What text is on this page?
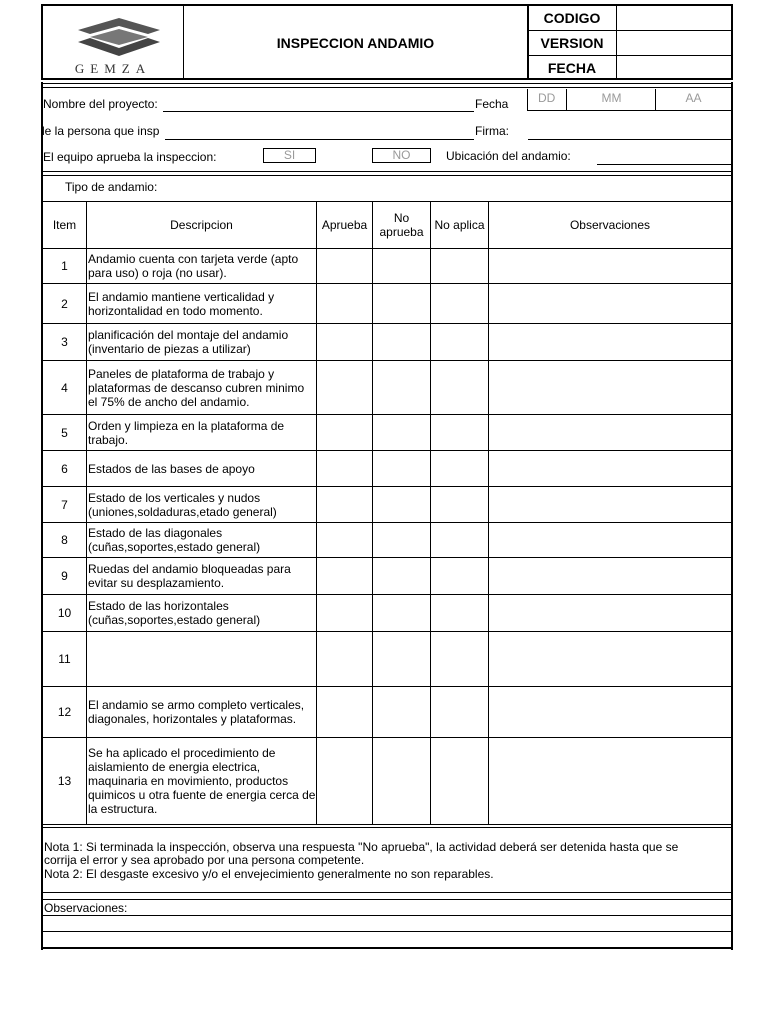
GEMZA
INSPECCION ANDAMIO
CODIGO
VERSION
FECHA
Nombre del proyecto:	Fecha	DD	MM	AA
le la persona que insp	Firma:
El equipo aprueba la inspeccion:	SI	NO	Ubicación del andamio:
Tipo de andamio:
Item	Descripcion	Aprueba	No aprueba	No aplica	Observaciones
1	Andamio cuenta con tarjeta verde (apto para uso) o roja (no usar).				
2	El andamio mantiene verticalidad y horizontalidad en todo momento.				
3	planificación del montaje del andamio (inventario de piezas a utilizar)				
4	Paneles de plataforma de trabajo y plataformas de descanso cubren minimo el 75% de ancho del andamio.				
5	Orden y limpieza en la plataforma de trabajo.				
6	Estados de las bases de apoyo				
7	Estado de los verticales y nudos (uniones,soldaduras,etado general)				
8	Estado de las diagonales (cuñas,soportes,estado general)				
9	Ruedas del andamio bloqueadas para evitar su desplazamiento.				
10	Estado de las horizontales (cuñas,soportes,estado general)				
11					
12	El andamio se armo completo verticales, diagonales, horizontales y plataformas.				
13	Se ha aplicado el procedimiento de aislamiento de energia electrica, maquinaria en movimiento, productos quimicos u otra fuente de energia cerca de la estructura.				
Nota 1: Si terminada la inspección, observa una respuesta "No aprueba", la actividad deberá ser detenida hasta que se
corrija el error y sea aprobado por una persona competente.
Nota 2: El desgaste excesivo y/o el envejecimiento generalmente no son reparables.
Observaciones:
